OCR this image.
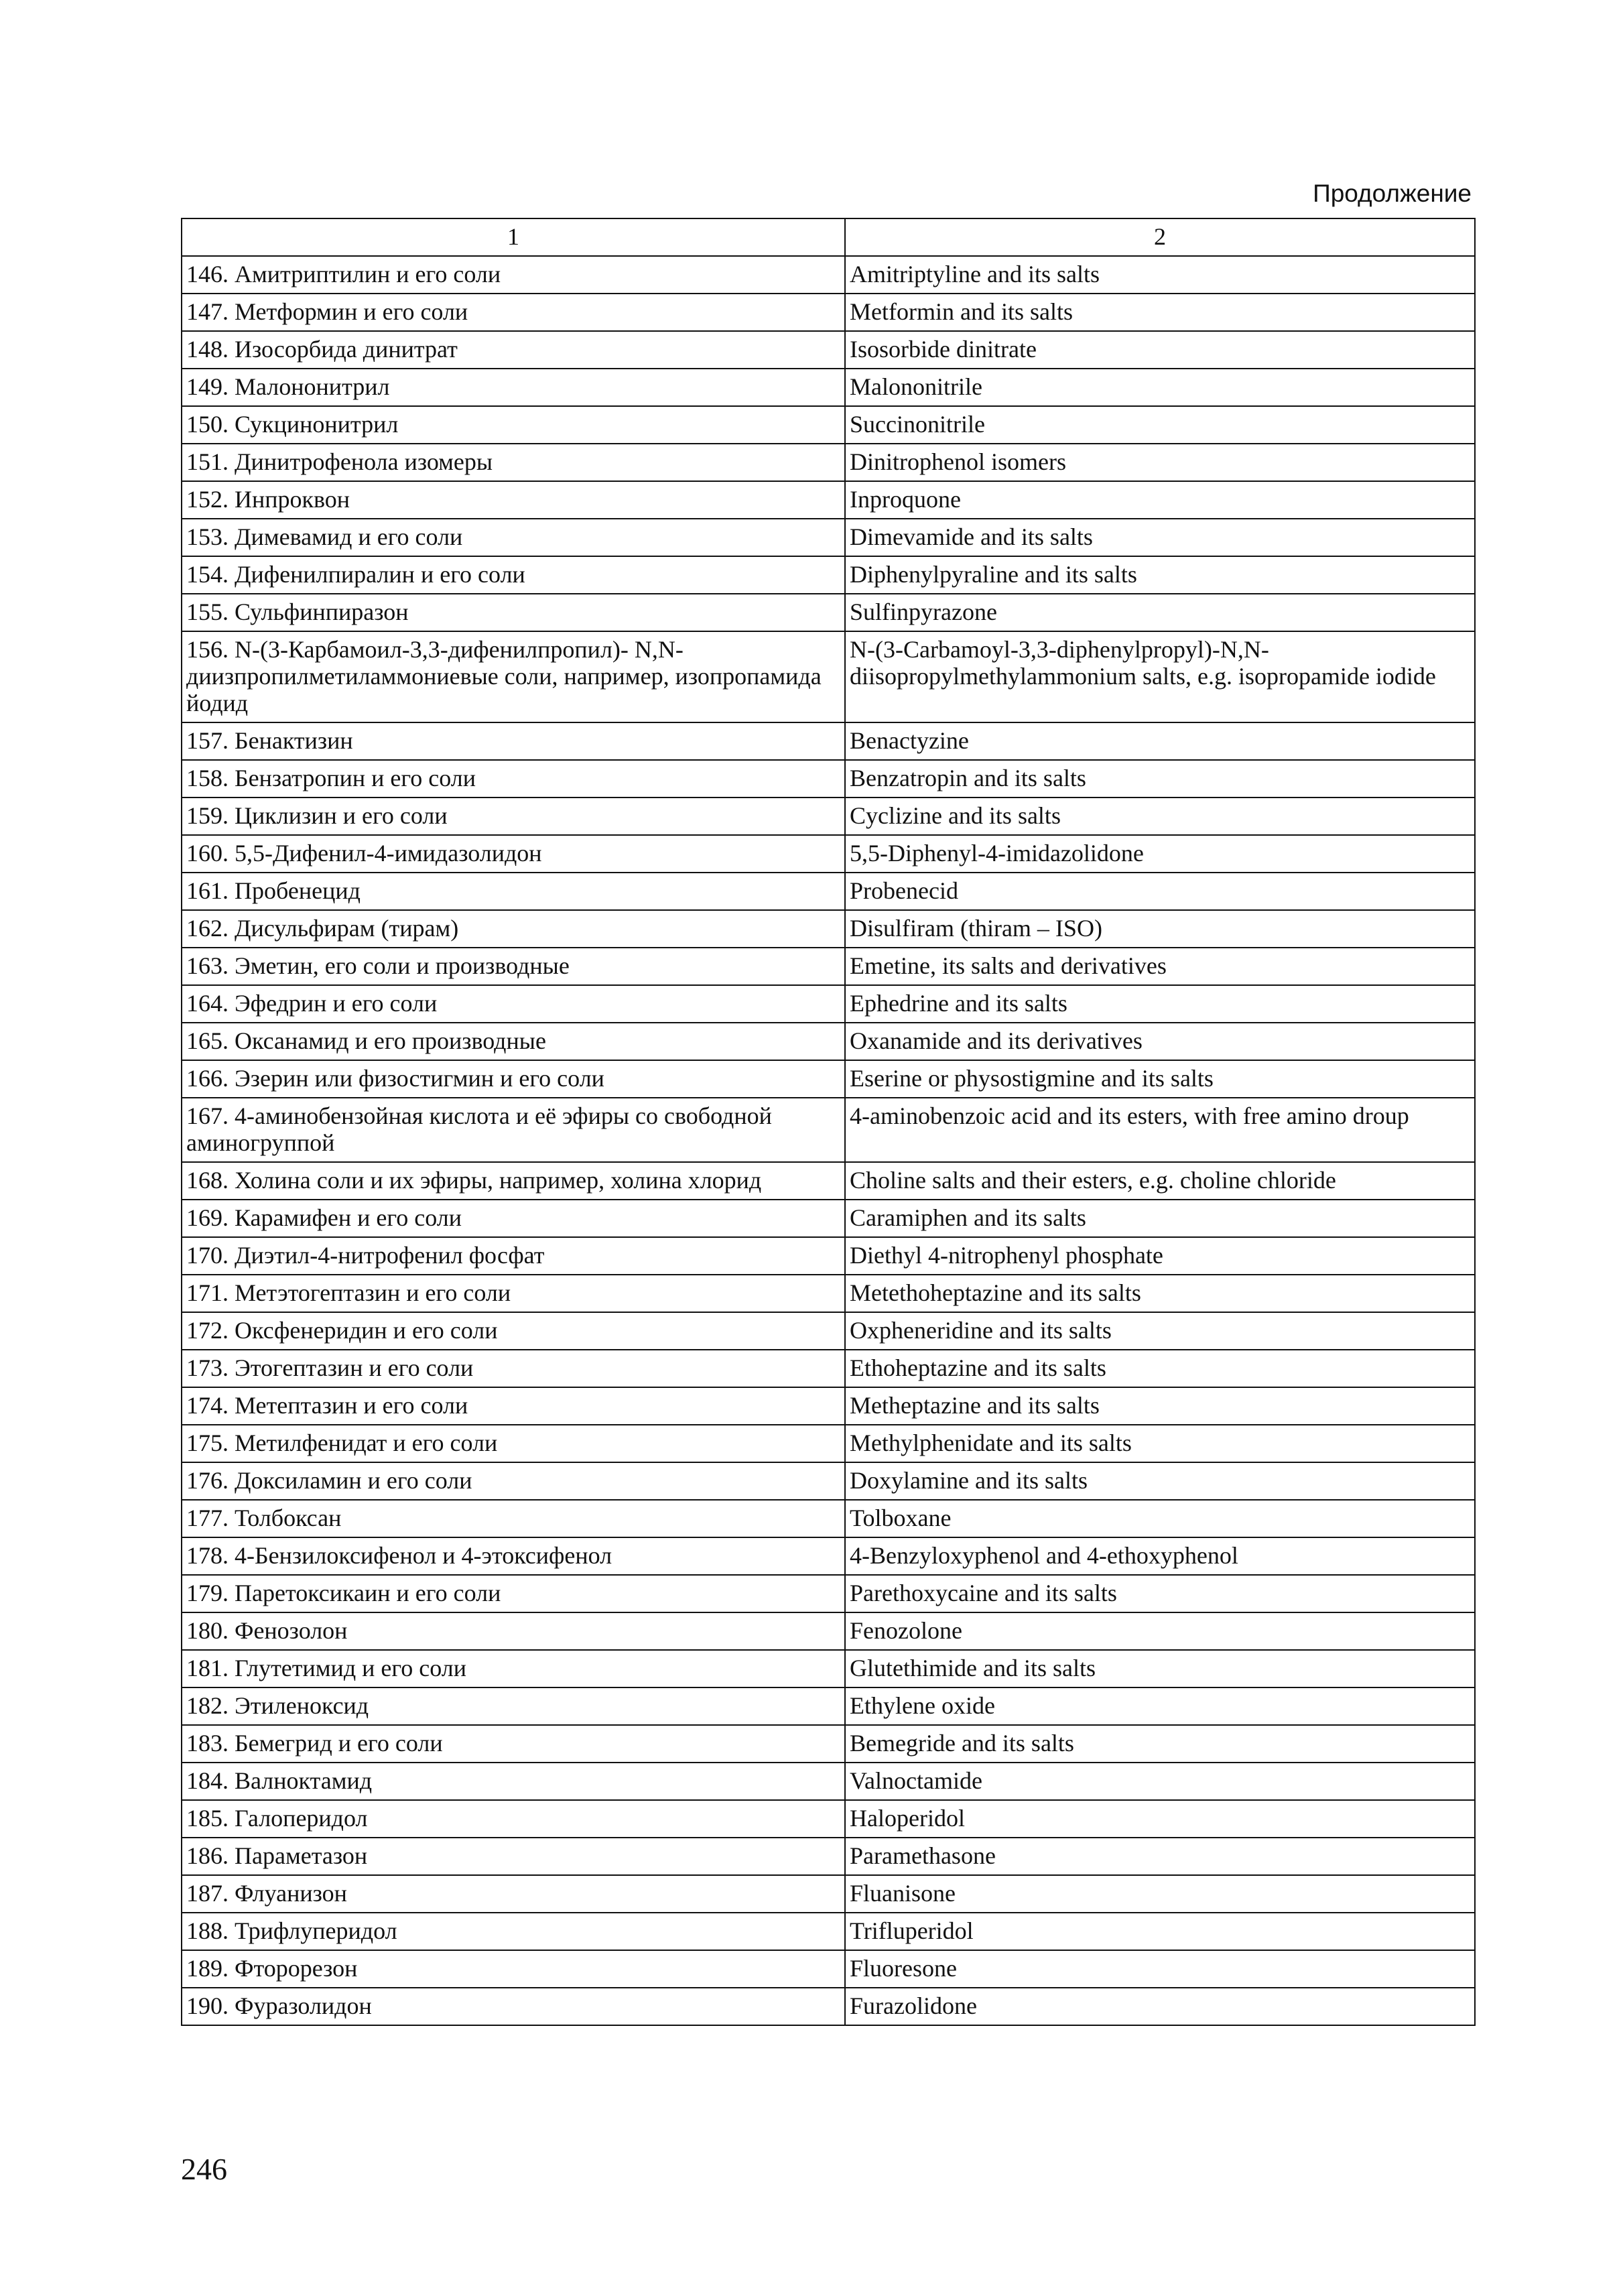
Продолжение
1	2
146. Амитриптилин и его соли	Amitriptyline and its salts
147. Метформин и его соли	Metformin and its salts
148. Изосорбида динитрат	Isosorbide dinitrate
149. Малононитрил	Malononitrile
150. Сукцинонитрил	Succinonitrile
151. Динитрофенола изомеры	Dinitrophenol isomers
152. Инпроквон	Inproquone
153. Димевамид и его соли	Dimevamide and its salts
154. Дифенилпиралин и его соли	Diphenylpyraline and its salts
155. Сульфинпиразон	Sulfinpyrazone
156. N-(3-Карбамоил-3,3-дифенилпропил)- N,N-диизпропилметиламмониевые соли, например, изопропамида йодид	N-(3-Carbamoyl-3,3-diphenylpropyl)-N,N-diisopropylmethylammonium salts, e.g. isopropamide iodide
157. Бенактизин	Benactyzine
158. Бензатропин и его соли	Benzatropin and its salts
159. Циклизин и его соли	Cyclizine and its salts
160. 5,5-Дифенил-4-имидазолидон	5,5-Diphenyl-4-imidazolidone
161. Пробенецид	Probenecid
162. Дисульфирам (тирам)	Disulfiram (thiram – ISO)
163. Эметин, его соли и производные	Emetine, its salts and derivatives
164. Эфедрин и его соли	Ephedrine and its salts
165. Оксанамид и его производные	Oxanamide and its derivatives
166. Эзерин или физостигмин и его соли	Eserine or physostigmine and its salts
167. 4-аминобензойная кислота и её эфиры со свободной аминогруппой	4-aminobenzoic acid and its esters, with free amino droup
168. Холина соли и их эфиры, например, холина хлорид	Choline salts and their esters, e.g. choline chloride
169. Карамифен и его соли	Caramiphen and its salts
170. Диэтил-4-нитрофенил фосфат	Diethyl 4-nitrophenyl phosphate
171. Метэтогептазин и его соли	Metethoheptazine and its salts
172. Оксфенеридин и его соли	Oxpheneridine and its salts
173. Этогептазин и его соли	Ethoheptazine and its salts
174. Метептазин и его соли	Metheptazine and its salts
175. Метилфенидат и его соли	Methylphenidate and its salts
176. Доксиламин и его соли	Doxylamine and its salts
177. Толбоксан	Tolboxane
178. 4-Бензилоксифенол и 4-этоксифенол	4-Benzyloxyphenol and 4-ethoxyphenol
179. Паретоксикаин и его соли	Parethoxycaine and its salts
180. Фенозолон	Fenozolone
181. Глутетимид и его соли	Glutethimide and its salts
182. Этиленоксид	Ethylene oxide
183. Бемегрид и его соли	Bemegride and its salts
184. Валноктамид	Valnoctamide
185. Галоперидол	Haloperidol
186. Параметазон	Paramethasone
187. Флуанизон	Fluanisone
188. Трифлуперидол	Trifluperidol
189. Фторорезон	Fluoresone
190. Фуразолидон	Furazolidone
246
